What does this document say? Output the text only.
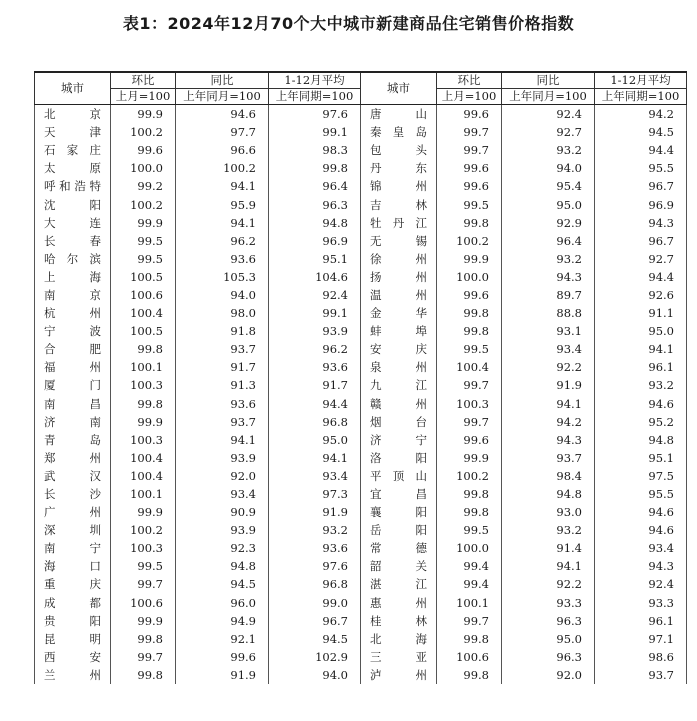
表1：2024年12月70个大中城市新建商品住宅销售价格指数
城市	环比	同比	1-12月平均	城市	环比	同比	1-12月平均
	上月=100	上年同月=100	上年同期=100		上月=100	上年同月=100	上年同期=100
北京	99.9	94.6	97.6	唐山	99.6	92.4	94.2
天津	100.2	97.7	99.1	秦皇岛	99.7	92.7	94.5
石家庄	99.6	96.6	98.3	包头	99.7	93.2	94.4
太原	100.0	100.2	99.8	丹东	99.6	94.0	95.5
呼和浩特	99.2	94.1	96.4	锦州	99.6	95.4	96.7
沈阳	100.2	95.9	96.3	吉林	99.5	95.0	96.9
大连	99.9	94.1	94.8	牡丹江	99.8	92.9	94.3
长春	99.5	96.2	96.9	无锡	100.2	96.4	96.7
哈尔滨	99.5	93.6	95.1	徐州	99.9	93.2	92.7
上海	100.5	105.3	104.6	扬州	100.0	94.3	94.4
南京	100.6	94.0	92.4	温州	99.6	89.7	92.6
杭州	100.4	98.0	99.1	金华	99.8	88.8	91.1
宁波	100.5	91.8	93.9	蚌埠	99.8	93.1	95.0
合肥	99.8	93.7	96.2	安庆	99.5	93.4	94.1
福州	100.1	91.7	93.6	泉州	100.4	92.2	96.1
厦门	100.3	91.3	91.7	九江	99.7	91.9	93.2
南昌	99.8	93.6	94.4	赣州	100.3	94.1	94.6
济南	99.9	93.7	96.8	烟台	99.7	94.2	95.2
青岛	100.3	94.1	95.0	济宁	99.6	94.3	94.8
郑州	100.4	93.9	94.1	洛阳	99.9	93.7	95.1
武汉	100.4	92.0	93.4	平顶山	100.2	98.4	97.5
长沙	100.1	93.4	97.3	宜昌	99.8	94.8	95.5
广州	99.9	90.9	91.9	襄阳	99.8	93.0	94.6
深圳	100.2	93.9	93.2	岳阳	99.5	93.2	94.6
南宁	100.3	92.3	93.6	常德	100.0	91.4	93.4
海口	99.5	94.8	97.6	韶关	99.4	94.1	94.3
重庆	99.7	94.5	96.8	湛江	99.4	92.2	92.4
成都	100.6	96.0	99.0	惠州	100.1	93.3	93.3
贵阳	99.9	94.9	96.7	桂林	99.7	96.3	96.1
昆明	99.8	92.1	94.5	北海	99.8	95.0	97.1
西安	99.7	99.6	102.9	三亚	100.6	96.3	98.6
兰州	99.8	91.9	94.0	泸州	99.8	92.0	93.7
